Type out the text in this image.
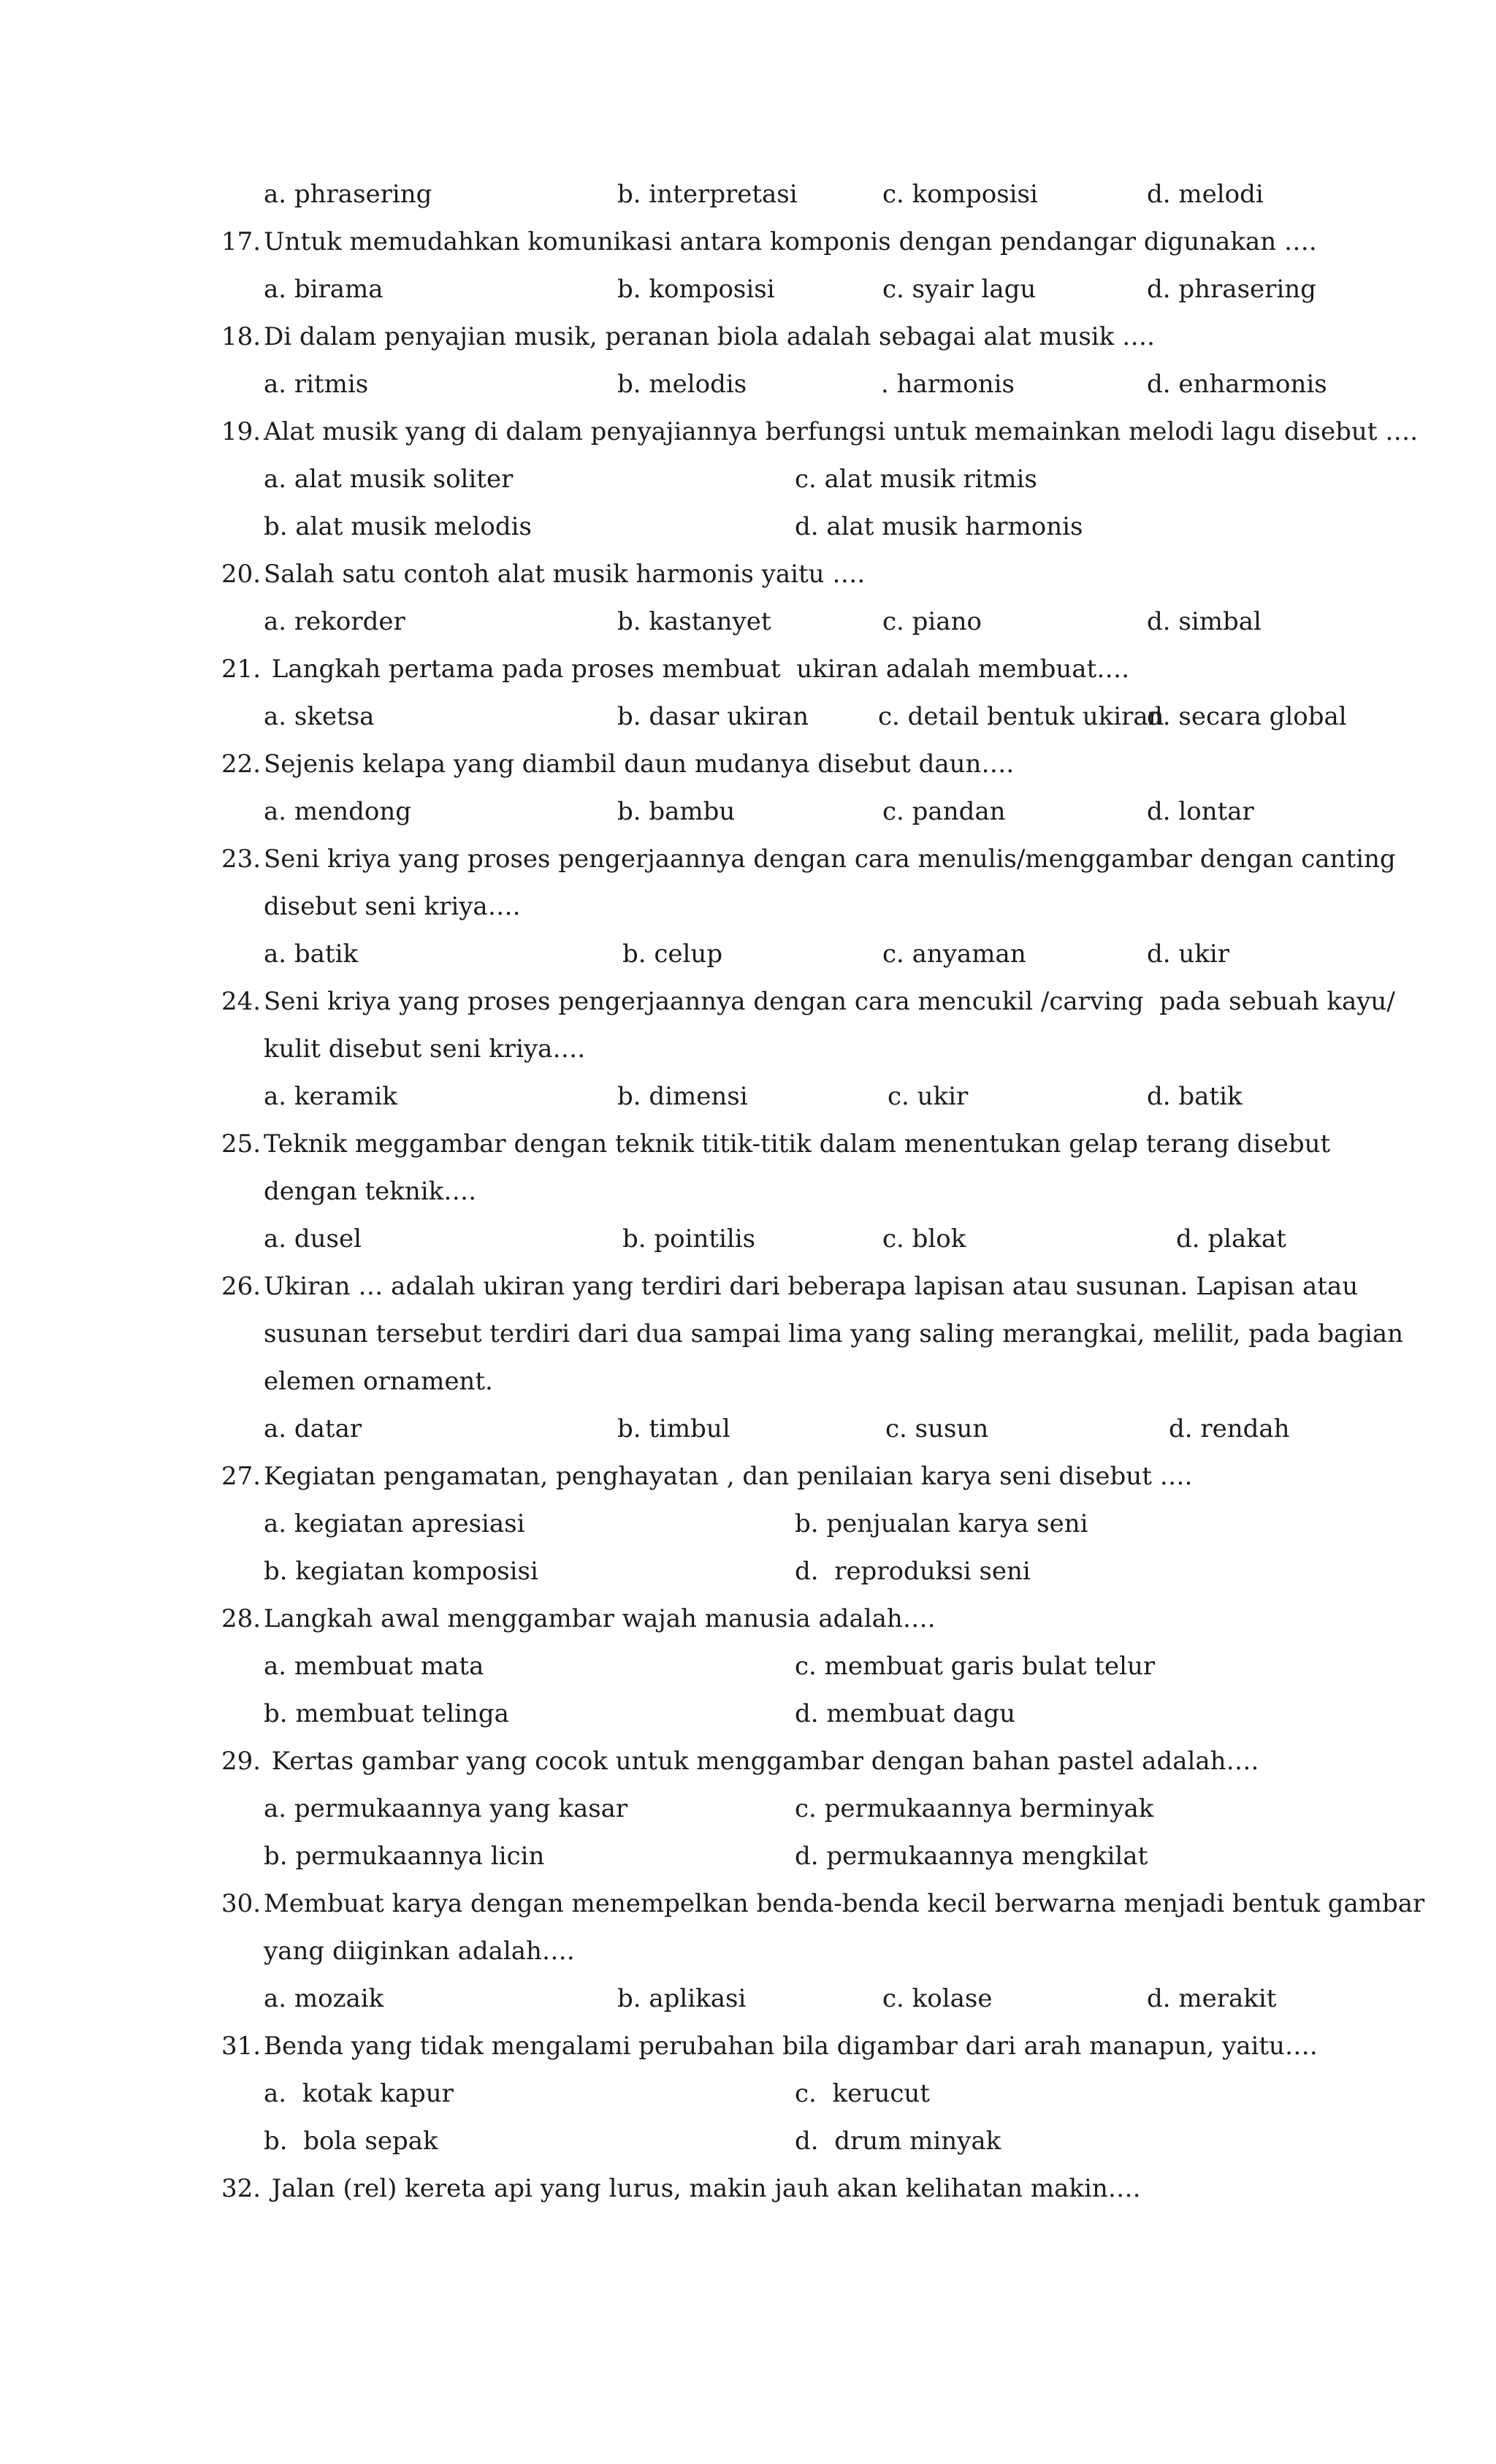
a. phrasering	b. interpretasi	c. komposisi	d. melodi
17. Untuk memudahkan komunikasi antara komponis dengan pendangar digunakan ….
a. birama	b. komposisi	c. syair lagu	d. phrasering
18. Di dalam penyajian musik, peranan biola adalah sebagai alat musik ….
a. ritmis	b. melodis	. harmonis	d. enharmonis
19. Alat musik yang di dalam penyajiannya berfungsi untuk memainkan melodi lagu disebut ….
a. alat musik soliter	c. alat musik ritmis
b. alat musik melodis	d. alat musik harmonis
20. Salah satu contoh alat musik harmonis yaitu ….
a. rekorder	b. kastanyet	c. piano	d. simbal
21. Langkah pertama pada proses membuat  ukiran adalah membuat….
a. sketsa	b. dasar ukiran	c. detail bentuk ukiran
d. secara global
22. Sejenis kelapa yang diambil daun mudanya disebut daun….
a. mendong	b. bambu	c. pandan	d. lontar
23. Seni kriya yang proses pengerjaannya dengan cara menulis/menggambar dengan canting
disebut seni kriya….
a. batik	b. celup	c. anyaman	d. ukir
24. Seni kriya yang proses pengerjaannya dengan cara mencukil /carving  pada sebuah kayu/
kulit disebut seni kriya….
a. keramik	b. dimensi	c. ukir	d. batik
25. Teknik meggambar dengan teknik titik-titik dalam menentukan gelap terang disebut
dengan teknik….
a. dusel	b. pointilis	c. blok	d. plakat
26. Ukiran … adalah ukiran yang terdiri dari beberapa lapisan atau susunan. Lapisan atau
susunan tersebut terdiri dari dua sampai lima yang saling merangkai, melilit, pada bagian
elemen ornament.
a. datar	b. timbul	c. susun	d. rendah
27. Kegiatan pengamatan, penghayatan , dan penilaian karya seni disebut ….
a. kegiatan apresiasi	b. penjualan karya seni
b. kegiatan komposisi	d.  reproduksi seni
28. Langkah awal menggambar wajah manusia adalah….
a. membuat mata	c. membuat garis bulat telur
b. membuat telinga	d. membuat dagu
29. Kertas gambar yang cocok untuk menggambar dengan bahan pastel adalah….
a. permukaannya yang kasar	c. permukaannya berminyak
b. permukaannya licin	d. permukaannya mengkilat
30. Membuat karya dengan menempelkan benda-benda kecil berwarna menjadi bentuk gambar
yang diiginkan adalah….
a. mozaik	b. aplikasi	c. kolase	d. merakit
31. Benda yang tidak mengalami perubahan bila digambar dari arah manapun, yaitu….
a.  kotak kapur	c.  kerucut
b.  bola sepak	d.  drum minyak
32. Jalan (rel) kereta api yang lurus, makin jauh akan kelihatan makin….
